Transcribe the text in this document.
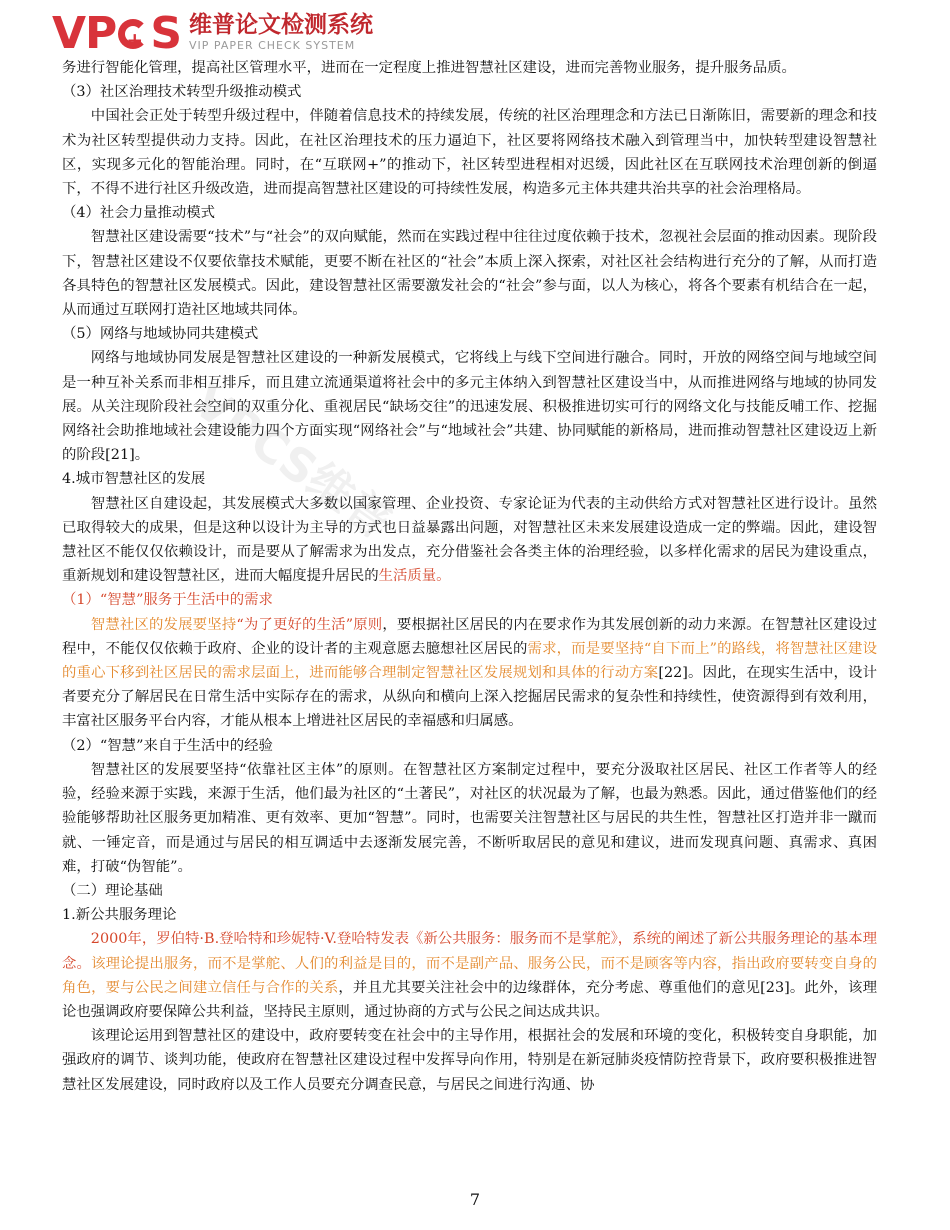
VP
+ S 维普论文检测系统
VIP PAPER CHECK SYSTEM
VPCS维普

务进行智能化管理，提高社区管理水平，进而在一定程度上推进智慧社区建设，进而完善物业服务，提升服务品质。

（3）社区治理技术转型升级推动模式

中国社会正处于转型升级过程中，伴随着信息技术的持续发展，传统的社区治理理念和方法已日渐陈旧，需要新的理念和技术为社区转型提供动力支持。因此，在社区治理技术的压力逼迫下，社区要将网络技术融入到管理当中，加快转型建设智慧社区，实现多元化的智能治理。同时，在“互联网+”的推动下，社区转型进程相对迟缓，因此社区在互联网技术治理创新的倒逼下，不得不进行社区升级改造，进而提高智慧社区建设的可持续性发展，构造多元主体共建共治共享的社会治理格局。

（4）社会力量推动模式

智慧社区建设需要“技术”与“社会”的双向赋能，然而在实践过程中往往过度依赖于技术，忽视社会层面的推动因素。现阶段下，智慧社区建设不仅要依靠技术赋能，更要不断在社区的“社会”本质上深入探索，对社区社会结构进行充分的了解，从而打造各具特色的智慧社区发展模式。因此，建设智慧社区需要激发社会的“社会”参与面，以人为核心，将各个要素有机结合在一起，从而通过互联网打造社区地域共同体。

（5）网络与地域协同共建模式

网络与地域协同发展是智慧社区建设的一种新发展模式，它将线上与线下空间进行融合。同时，开放的网络空间与地域空间是一种互补关系而非相互排斥，而且建立流通渠道将社会中的多元主体纳入到智慧社区建设当中，从而推进网络与地域的协同发展。从关注现阶段社会空间的双重分化、重视居民“缺场交往”的迅速发展、积极推进切实可行的网络文化与技能反哺工作、挖掘网络社会助推地域社会建设能力四个方面实现“网络社会”与“地域社会”共建、协同赋能的新格局，进而推动智慧社区建设迈上新的阶段[21]。

4.城市智慧社区的发展

智慧社区自建设起，其发展模式大多数以国家管理、企业投资、专家论证为代表的主动供给方式对智慧社区进行设计。虽然已取得较大的成果，但是这种以设计为主导的方式也日益暴露出问题，对智慧社区未来发展建设造成一定的弊端。因此，建设智慧社区不能仅仅依赖设计，而是要从了解需求为出发点，充分借鉴社会各类主体的治理经验，以多样化需求的居民为建设重点，重新规划和建设智慧社区，进而大幅度提升居民的生活质量。

（1）“智慧”服务于生活中的需求

智慧社区的发展要坚持“为了更好的生活”原则，要根据社区居民的内在要求作为其发展创新的动力来源。在智慧社区建设过程中，不能仅仅依赖于政府、企业的设计者的主观意愿去臆想社区居民的需求，而是要坚持“自下而上”的路线，将智慧社区建设的重心下移到社区居民的需求层面上，进而能够合理制定智慧社区发展规划和具体的行动方案[22]。因此，在现实生活中，设计者要充分了解居民在日常生活中实际存在的需求，从纵向和横向上深入挖掘居民需求的复杂性和持续性，使资源得到有效利用，丰富社区服务平台内容，才能从根本上增进社区居民的幸福感和归属感。

（2）“智慧”来自于生活中的经验

智慧社区的发展要坚持“依靠社区主体”的原则。在智慧社区方案制定过程中，要充分汲取社区居民、社区工作者等人的经验，经验来源于实践，来源于生活，他们最为社区的“土著民”，对社区的状况最为了解，也最为熟悉。因此，通过借鉴他们的经验能够帮助社区服务更加精准、更有效率、更加“智慧”。同时，也需要关注智慧社区与居民的共生性，智慧社区打造并非一蹴而就、一锤定音，而是通过与居民的相互调适中去逐渐发展完善，不断听取居民的意见和建议，进而发现真问题、真需求、真困难，打破“伪智能”。

（二）理论基础

1.新公共服务理论

2000年，罗伯特·B.登哈特和珍妮特·V.登哈特发表《新公共服务：服务而不是掌舵》，系统的阐述了新公共服务理论的基本理念。该理论提出服务，而不是掌舵、人们的利益是目的，而不是副产品、服务公民，而不是顾客等内容，指出政府要转变自身的角色，要与公民之间建立信任与合作的关系，并且尤其要关注社会中的边缘群体，充分考虑、尊重他们的意见[23]。此外，该理论也强调政府要保障公共利益，坚持民主原则，通过协商的方式与公民之间达成共识。

该理论运用到智慧社区的建设中，政府要转变在社会中的主导作用，根据社会的发展和环境的变化，积极转变自身职能，加强政府的调节、谈判功能，使政府在智慧社区建设过程中发挥导向作用，特别是在新冠肺炎疫情防控背景下，政府要积极推进智慧社区发展建设，同时政府以及工作人员要充分调查民意，与居民之间进行沟通、协

7
